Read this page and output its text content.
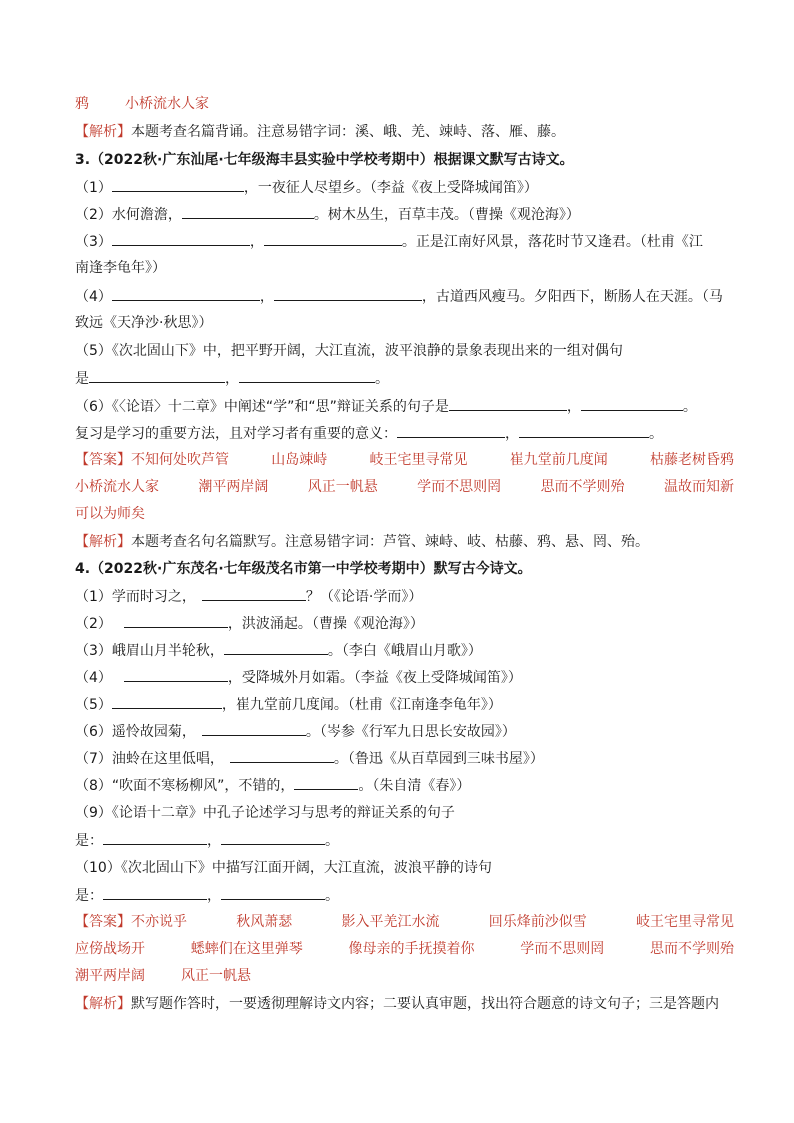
鸦	小桥流水人家
【解析】本题考查名篇背诵。注意易错字词：溪、峨、羌、竦峙、落、雁、藤。
3.（2022秋·广东汕尾·七年级海丰县实验中学校考期中）根据课文默写古诗文。
（1）	，一夜征人尽望乡。（李益《夜上受降城闻笛》）
（2）水何澹澹，	。树木丛生，百草丰茂。（曹操《观沧海》）
（3）	，	。正是江南好风景，落花时节又逢君。（杜甫《江
南逢李龟年》）
（4）	，	，古道西风瘦马。夕阳西下，断肠人在天涯。（马
致远《天净沙·秋思》）
（5）《次北固山下》中，把平野开阔，大江直流，波平浪静的景象表现出来的一组对偶句
是	，	。
（6）《〈论语〉十二章》中阐述“学”和“思”辩证关系的句子是	，	。
复习是学习的重要方法，且对学习者有重要的意义：	，	。
【答案】不知何处吹芦管	山岛竦峙	岐王宅里寻常见	崔九堂前几度闻	枯藤老树昏鸦
小桥流水人家	潮平两岸阔	风正一帆悬	学而不思则罔	思而不学则殆	温故而知新
可以为师矣
【解析】本题考查名句名篇默写。注意易错字词：芦管、竦峙、岐、枯藤、鸦、悬、罔、殆。
4.（2022秋·广东茂名·七年级茂名市第一中学校考期中）默写古今诗文。
（1）学而时习之，	？（《论语·学而》）
（2）	，洪波涌起。（曹操《观沧海》）
（3）峨眉山月半轮秋，	。（李白《峨眉山月歌》）
（4）	，受降城外月如霜。（李益《夜上受降城闻笛》）
（5）	，崔九堂前几度闻。（杜甫《江南逢李龟年》）
（6）遥怜故园菊，	。（岑参《行军九日思长安故园》）
（7）油蛉在这里低唱，	。（鲁迅《从百草园到三味书屋》）
（8）“吹面不寒杨柳风”，不错的，	。（朱自清《春》）
（9）《论语十二章》中孔子论述学习与思考的辩证关系的句子
是：	，	。
（10）《次北固山下》中描写江面开阔，大江直流，波浪平静的诗句
是：	，	。
【答案】不亦说乎	秋风萧瑟	影入平羌江水流	回乐烽前沙似雪	岐王宅里寻常见
应傍战场开	蟋蟀们在这里弹琴	像母亲的手抚摸着你	学而不思则罔	思而不学则殆
潮平两岸阔	风正一帆悬
【解析】默写题作答时，一要透彻理解诗文内容；二要认真审题，找出符合题意的诗文句子；三是答题内
